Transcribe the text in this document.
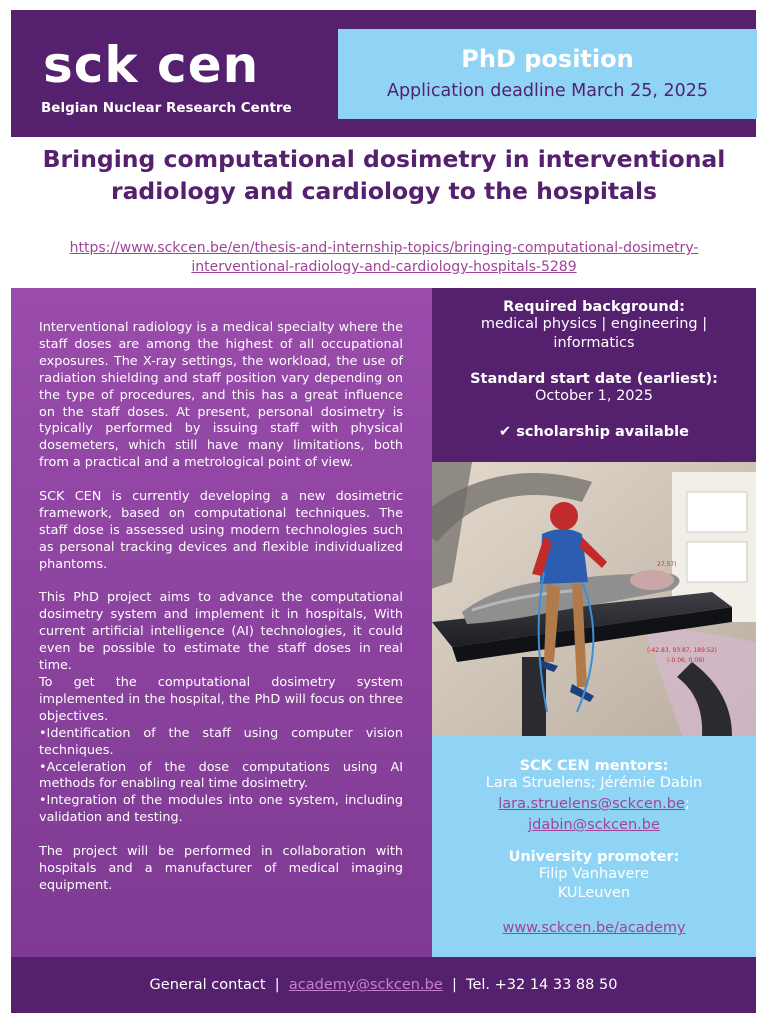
sck cen
Belgian Nuclear Research Centre
PhD position
Application deadline March 25, 2025
Bringing computational dosimetry in interventional radiology and cardiology to the hospitals
https://www.sckcen.be/en/thesis-and-internship-topics/bringing-computational-dosimetry-interventional-radiology-and-cardiology-hospitals-5289

Interventional radiology is a medical specialty where the staff doses are among the highest of all occupational exposures. The X-ray settings, the workload, the use of radiation shielding and staff position vary depending on the type of procedures, and this has a great influence on the staff doses. At present, personal dosimetry is typically performed by issuing staff with physical dosemeters, which still have many limitations, both from a practical and a metrological point of view.

SCK CEN is currently developing a new dosimetric framework, based on computational techniques. The staff dose is assessed using modern technologies such as personal tracking devices and flexible individualized phantoms.

This PhD project aims to advance the computational dosimetry system and implement it in hospitals, With current artificial intelligence (AI) technologies, it could even be possible to estimate the staff doses in real time.

To get the computational dosimetry system implemented in the hospital, the PhD will focus on three objectives.

•Identification of the staff using computer vision techniques.

•Acceleration of the dose computations using AI methods for enabling real time dosimetry.

•Integration of the modules into one system, including validation and testing.

The project will be performed in collaboration with hospitals and a manufacturer of medical imaging equipment.

Required background:
medical physics | engineering | informatics
Standard start date (earliest):
October 1, 2025
✔ scholarship available
27.57)
(-42.83, 93.87, 189.52)
(-0.06, 0.09)
SCK CEN mentors:
Lara Struelens; Jérémie Dabin
lara.struelens@sckcen.be;
jdabin@sckcen.be
University promoter:
Filip Vanhavere
KULeuven
www.sckcen.be/academy
General contact | academy@sckcen.be | Tel. +32 14 33 88 50
